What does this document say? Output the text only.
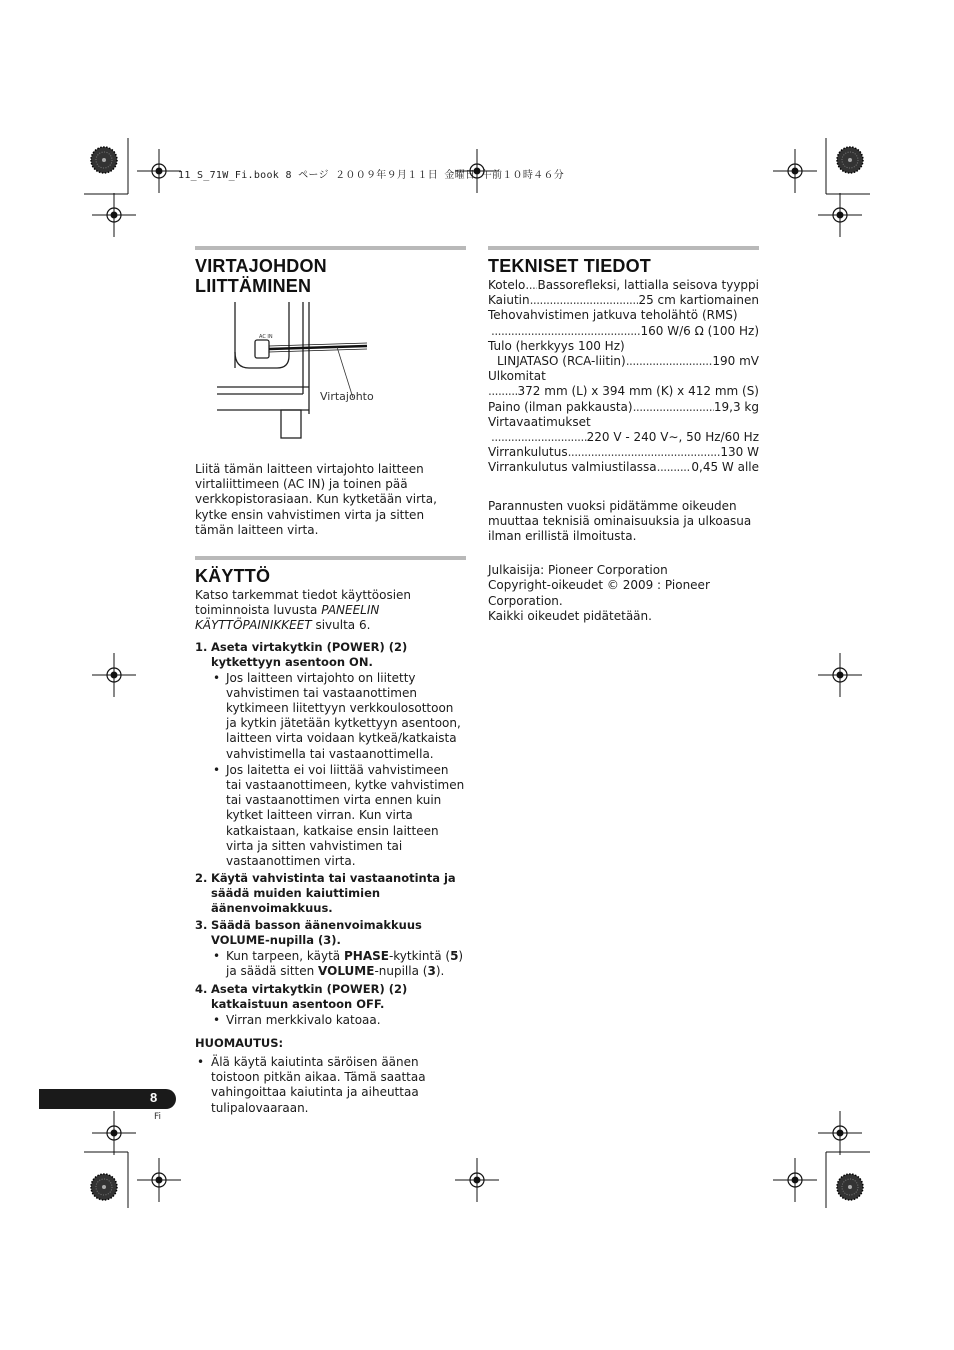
11_S_71W_Fi.book 8 ページ ２００９年９月１１日 金曜日 午前１０時４６分
VIRTAJOHDON
LIITTÄMINEN
AC IN
Virtajohto

Liitä tämän laitteen virtajohto laitteen virtaliittimeen (AC IN) ja toinen pää verkkopistorasiaan. Kun kytketään virta, kytke ensin vahvistimen virta ja sitten tämän laitteen virta.

KÄYTTÖ

Katso tarkemmat tiedot käyttöosien toiminnoista luvusta PANEELIN KÄYTTÖPAINIKKEET sivulta 6.

1. Aseta virtakytkin (POWER) (2) kytkettyyn asentoon ON.
• Jos laitteen virtajohto on liitetty vahvistimen tai vastaanottimen kytkimeen liitettyyn verkkoulosottoon ja kytkin jätetään kytkettyyn asentoon, laitteen virta voidaan kytkeä/katkaista vahvistimella tai vastaanottimella.
• Jos laitetta ei voi liittää vahvistimeen tai vastaanottimeen, kytke vahvistimen tai vastaanottimen virta ennen kuin kytket laitteen virran. Kun virta katkaistaan, katkaise ensin laitteen virta ja sitten vahvistimen tai vastaanottimen virta.
2. Käytä vahvistinta tai vastaanotinta ja säädä muiden kaiuttimien äänenvoimakkuus.
3. Säädä basson äänenvoimakkuus VOLUME-nupilla (3).
• Kun tarpeen, käytä PHASE-kytkintä (5) ja säädä sitten VOLUME-nupilla (3).
4. Aseta virtakytkin (POWER) (2) katkaistuun asentoon OFF.
• Virran merkkivalo katoaa.
HUOMAUTUS:
• Älä käytä kaiutinta säröisen äänen toistoon pitkän aikaa. Tämä saattaa vahingoittaa kaiutinta ja aiheuttaa tulipalovaaraan.
TEKNISET TIEDOT
Kotelo ..... Bassorefleksi, lattialla seisova tyyppi
Kaiutin .....	25 cm kartiomainen
Tehovahvistimen jatkuva teholähtö (RMS)
.....
160 W/6 Ω (100 Hz)
Tulo (herkkyys 100 Hz)
LINJATASO (RCA-liitin) .....	190 mV
Ulkomitat
.....
372 mm (L) x 394 mm (K) x 412 mm (S)
Paino (ilman pakkausta) .....	19,3 kg
Virtavaatimukset
.....
220 V - 240 V∼, 50 Hz/60 Hz
Virrankulutus .....	130 W
Virrankulutus valmiustilassa .....	0,45 W alle

Parannusten vuoksi pidätämme oikeuden muuttaa teknisiä ominaisuuksia ja ulkoasua ilman erillistä ilmoitusta.

Julkaisija: Pioneer Corporation

Copyright-oikeudet © 2009 : Pioneer Corporation.

Kaikki oikeudet pidätetään.

8
Fi
